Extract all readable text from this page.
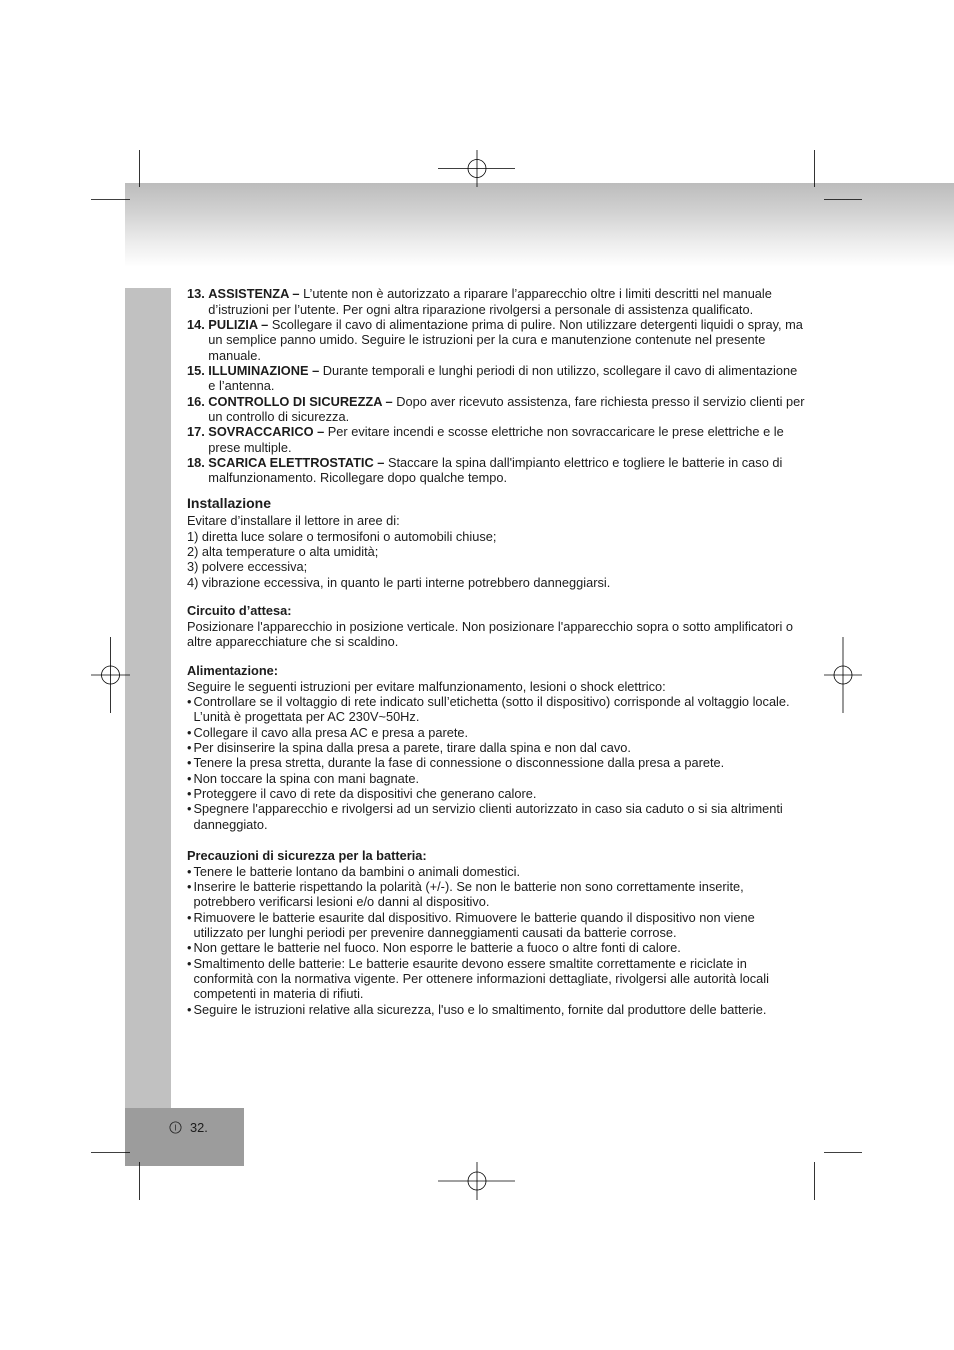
I 32.
13. ASSISTENZA – L’utente non è autorizzato a riparare l’apparecchio oltre i limiti descritti nel manuale
d’istruzioni per l’utente. Per ogni altra riparazione rivolgersi a personale di assistenza qualificato.
14. PULIZIA – Scollegare il cavo di alimentazione prima di pulire. Non utilizzare detergenti liquidi o spray, ma
un semplice panno umido. Seguire le istruzioni per la cura e manutenzione contenute nel presente
manuale.
15. ILLUMINAZIONE – Durante temporali e lunghi periodi di non utilizzo, scollegare il cavo di alimentazione
e l’antenna.
16. CONTROLLO DI SICUREZZA – Dopo aver ricevuto assistenza, fare richiesta presso il servizio clienti per
un controllo di sicurezza.
17. SOVRACCARICO – Per evitare incendi e scosse elettriche non sovraccaricare le prese elettriche e le
prese multiple.
18. SCARICA ELETTROSTATIC – Staccare la spina dall'impianto elettrico e togliere le batterie in caso di
malfunzionamento. Ricollegare dopo qualche tempo.
Installazione
Evitare d’installare il lettore in aree di:
1) diretta luce solare o termosifoni o automobili chiuse;
2) alta temperature o alta umidità;
3) polvere eccessiva;
4) vibrazione eccessiva, in quanto le parti interne potrebbero danneggiarsi.
Circuito d’attesa:
Posizionare l'apparecchio in posizione verticale. Non posizionare l'apparecchio sopra o sotto amplificatori o
altre apparecchiature che si scaldino.
Alimentazione:
Seguire le seguenti istruzioni per evitare malfunzionamento, lesioni o shock elettrico:
• Controllare se il voltaggio di rete indicato sull’etichetta (sotto il dispositivo) corrisponde al voltaggio locale.
L’unità è progettata per AC 230V~50Hz.
• Collegare il cavo alla presa AC e presa a parete.
• Per disinserire la spina dalla presa a parete, tirare dalla spina e non dal cavo.
• Tenere la presa stretta, durante la fase di connessione o disconnessione dalla presa a parete.
• Non toccare la spina con mani bagnate.
• Proteggere il cavo di rete da dispositivi che generano calore.
• Spegnere l'apparecchio e rivolgersi ad un servizio clienti autorizzato in caso sia caduto o si sia altrimenti
danneggiato.
Precauzioni di sicurezza per la batteria:
• Tenere le batterie lontano da bambini o animali domestici.
• Inserire le batterie rispettando la polarità (+/-). Se non le batterie non sono correttamente inserite,
potrebbero verificarsi lesioni e/o danni al dispositivo.
• Rimuovere le batterie esaurite dal dispositivo. Rimuovere le batterie quando il dispositivo non viene
utilizzato per lunghi periodi per prevenire danneggiamenti causati da batterie corrose.
• Non gettare le batterie nel fuoco. Non esporre le batterie a fuoco o altre fonti di calore.
• Smaltimento delle batterie: Le batterie esaurite devono essere smaltite correttamente e riciclate in
conformità con la normativa vigente. Per ottenere informazioni dettagliate, rivolgersi alle autorità locali
competenti in materia di rifiuti.
• Seguire le istruzioni relative alla sicurezza, l'uso e lo smaltimento, fornite dal produttore delle batterie.
